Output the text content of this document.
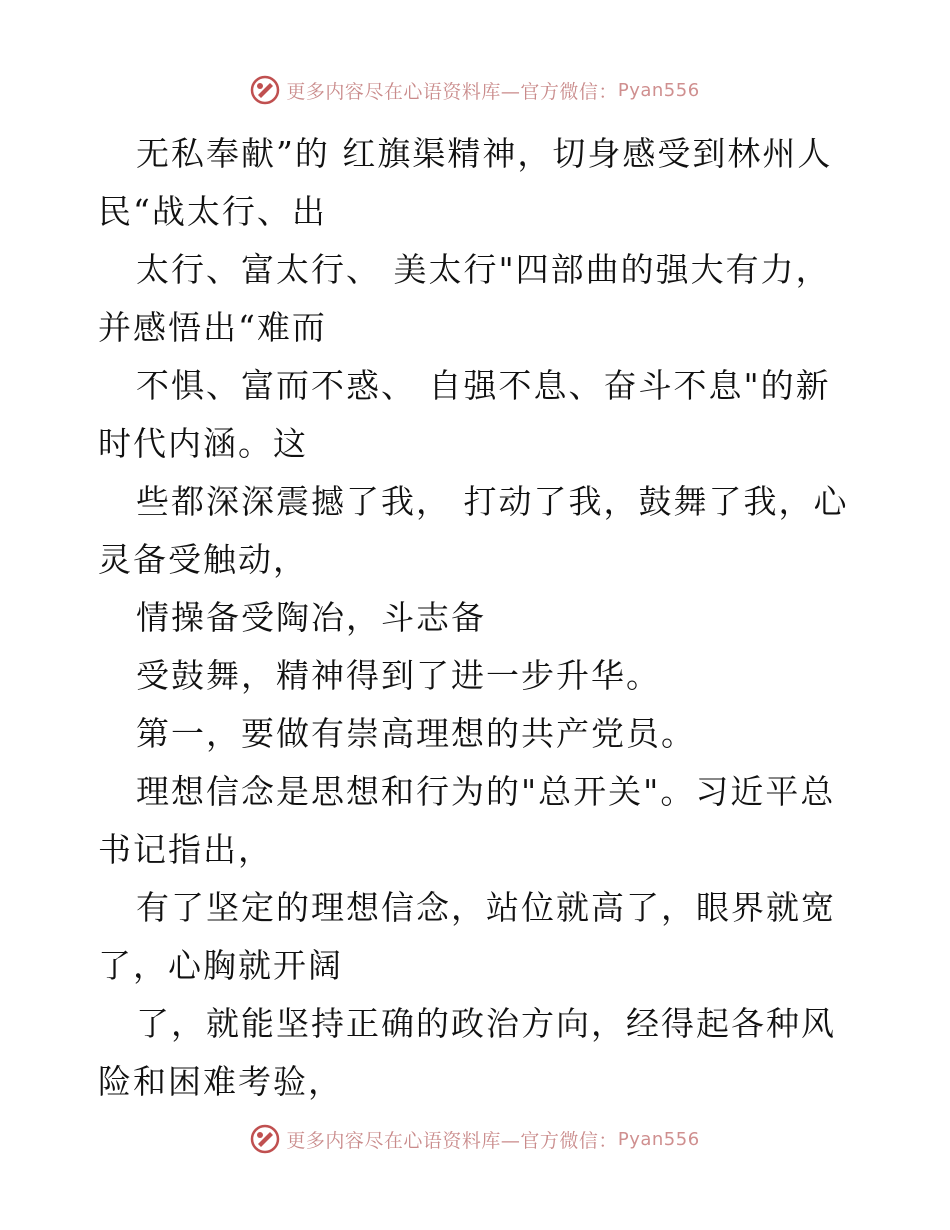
更多内容尽在心语资料库—官方微信： Pyan556

无私奉献”的 红旗渠精神，切身感受到林州人民“战太行、出

太行、富太行、 美太行"四部曲的强大有力，并感悟出“难而

不惧、富而不惑、 自强不息、奋斗不息"的新时代内涵。这

些都深深震撼了我， 打动了我，鼓舞了我，心灵备受触动，

情操备受陶冶，斗志备

受鼓舞，精神得到了进一步升华。

第一，要做有崇高理想的共产党员。

理想信念是思想和行为的"总开关"。习近平总书记指出，

有了坚定的理想信念，站位就高了，眼界就宽了，心胸就开阔

了，就能坚持正确的政治方向，经得起各种风险和困难考验，

更多内容尽在心语资料库—官方微信： Pyan556
